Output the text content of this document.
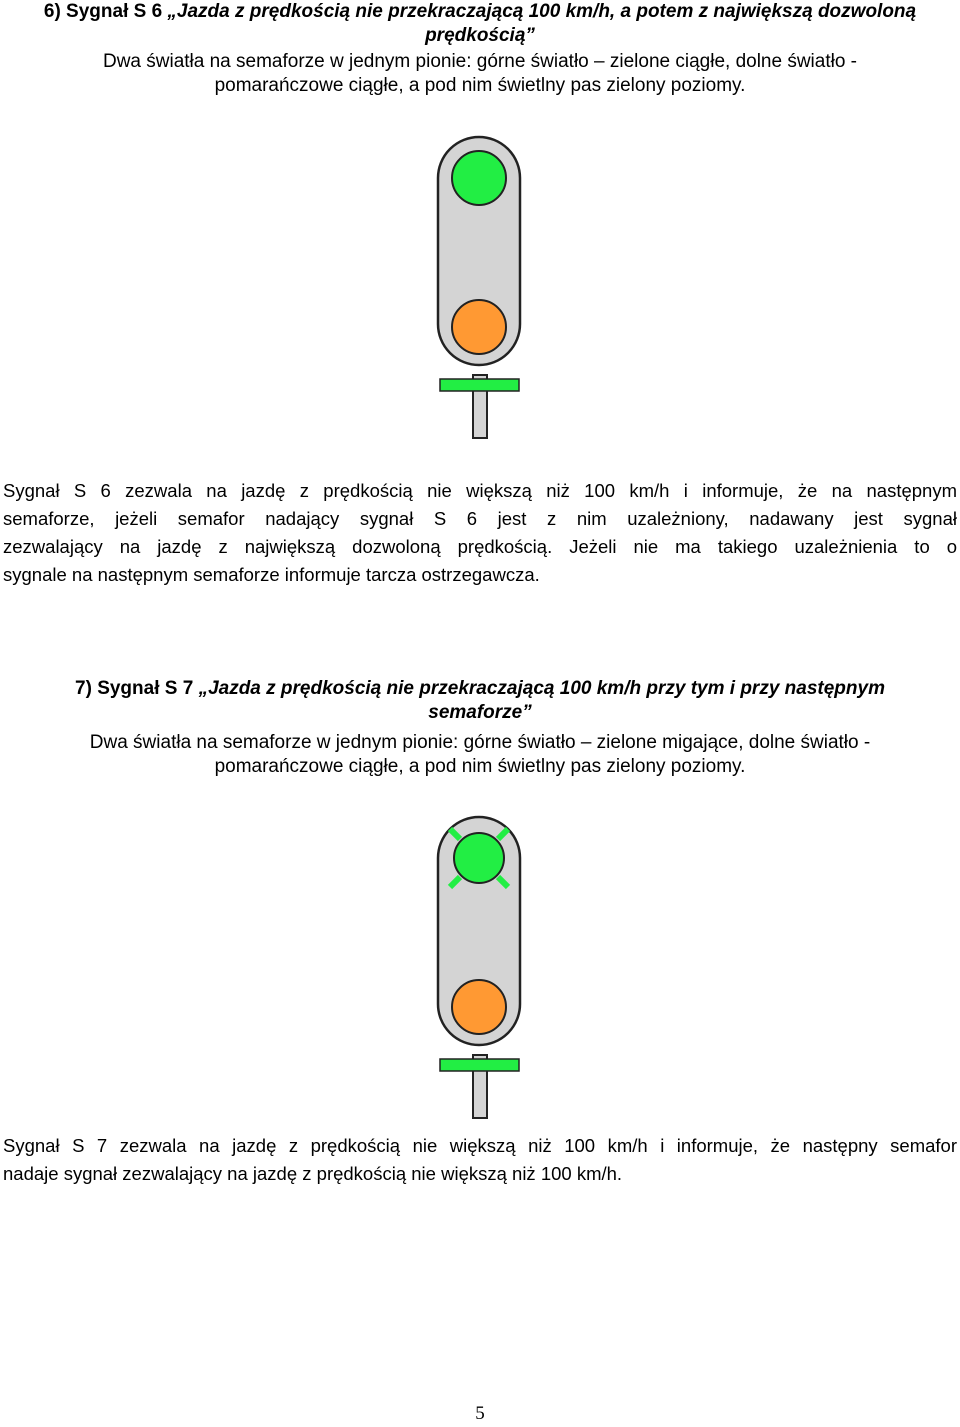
6) Sygnał S 6 „Jazda z prędkością nie przekraczającą 100 km/h, a potem z największą dozwoloną
prędkością”
Dwa światła na semaforze w jednym pionie: górne światło – zielone ciągłe, dolne światło -
pomarańczowe ciągłe, a pod nim świetlny pas zielony poziomy.
Sygnał S 6 zezwala na jazdę z prędkością nie większą niż 100 km/h i informuje, że na następnym
semaforze, jeżeli semafor nadający sygnał S 6 jest z nim uzależniony, nadawany jest sygnał
zezwalający na jazdę z największą dozwoloną prędkością. Jeżeli nie ma takiego uzależnienia to o
sygnale na następnym semaforze informuje tarcza ostrzegawcza.
7) Sygnał S 7 „Jazda z prędkością nie przekraczającą 100 km/h przy tym i przy następnym
semaforze”
Dwa światła na semaforze w jednym pionie: górne światło – zielone migające, dolne światło -
pomarańczowe ciągłe, a pod nim świetlny pas zielony poziomy.
Sygnał S 7 zezwala na jazdę z prędkością nie większą niż 100 km/h i informuje, że następny semafor
nadaje sygnał zezwalający na jazdę z prędkością nie większą niż 100 km/h.
5
